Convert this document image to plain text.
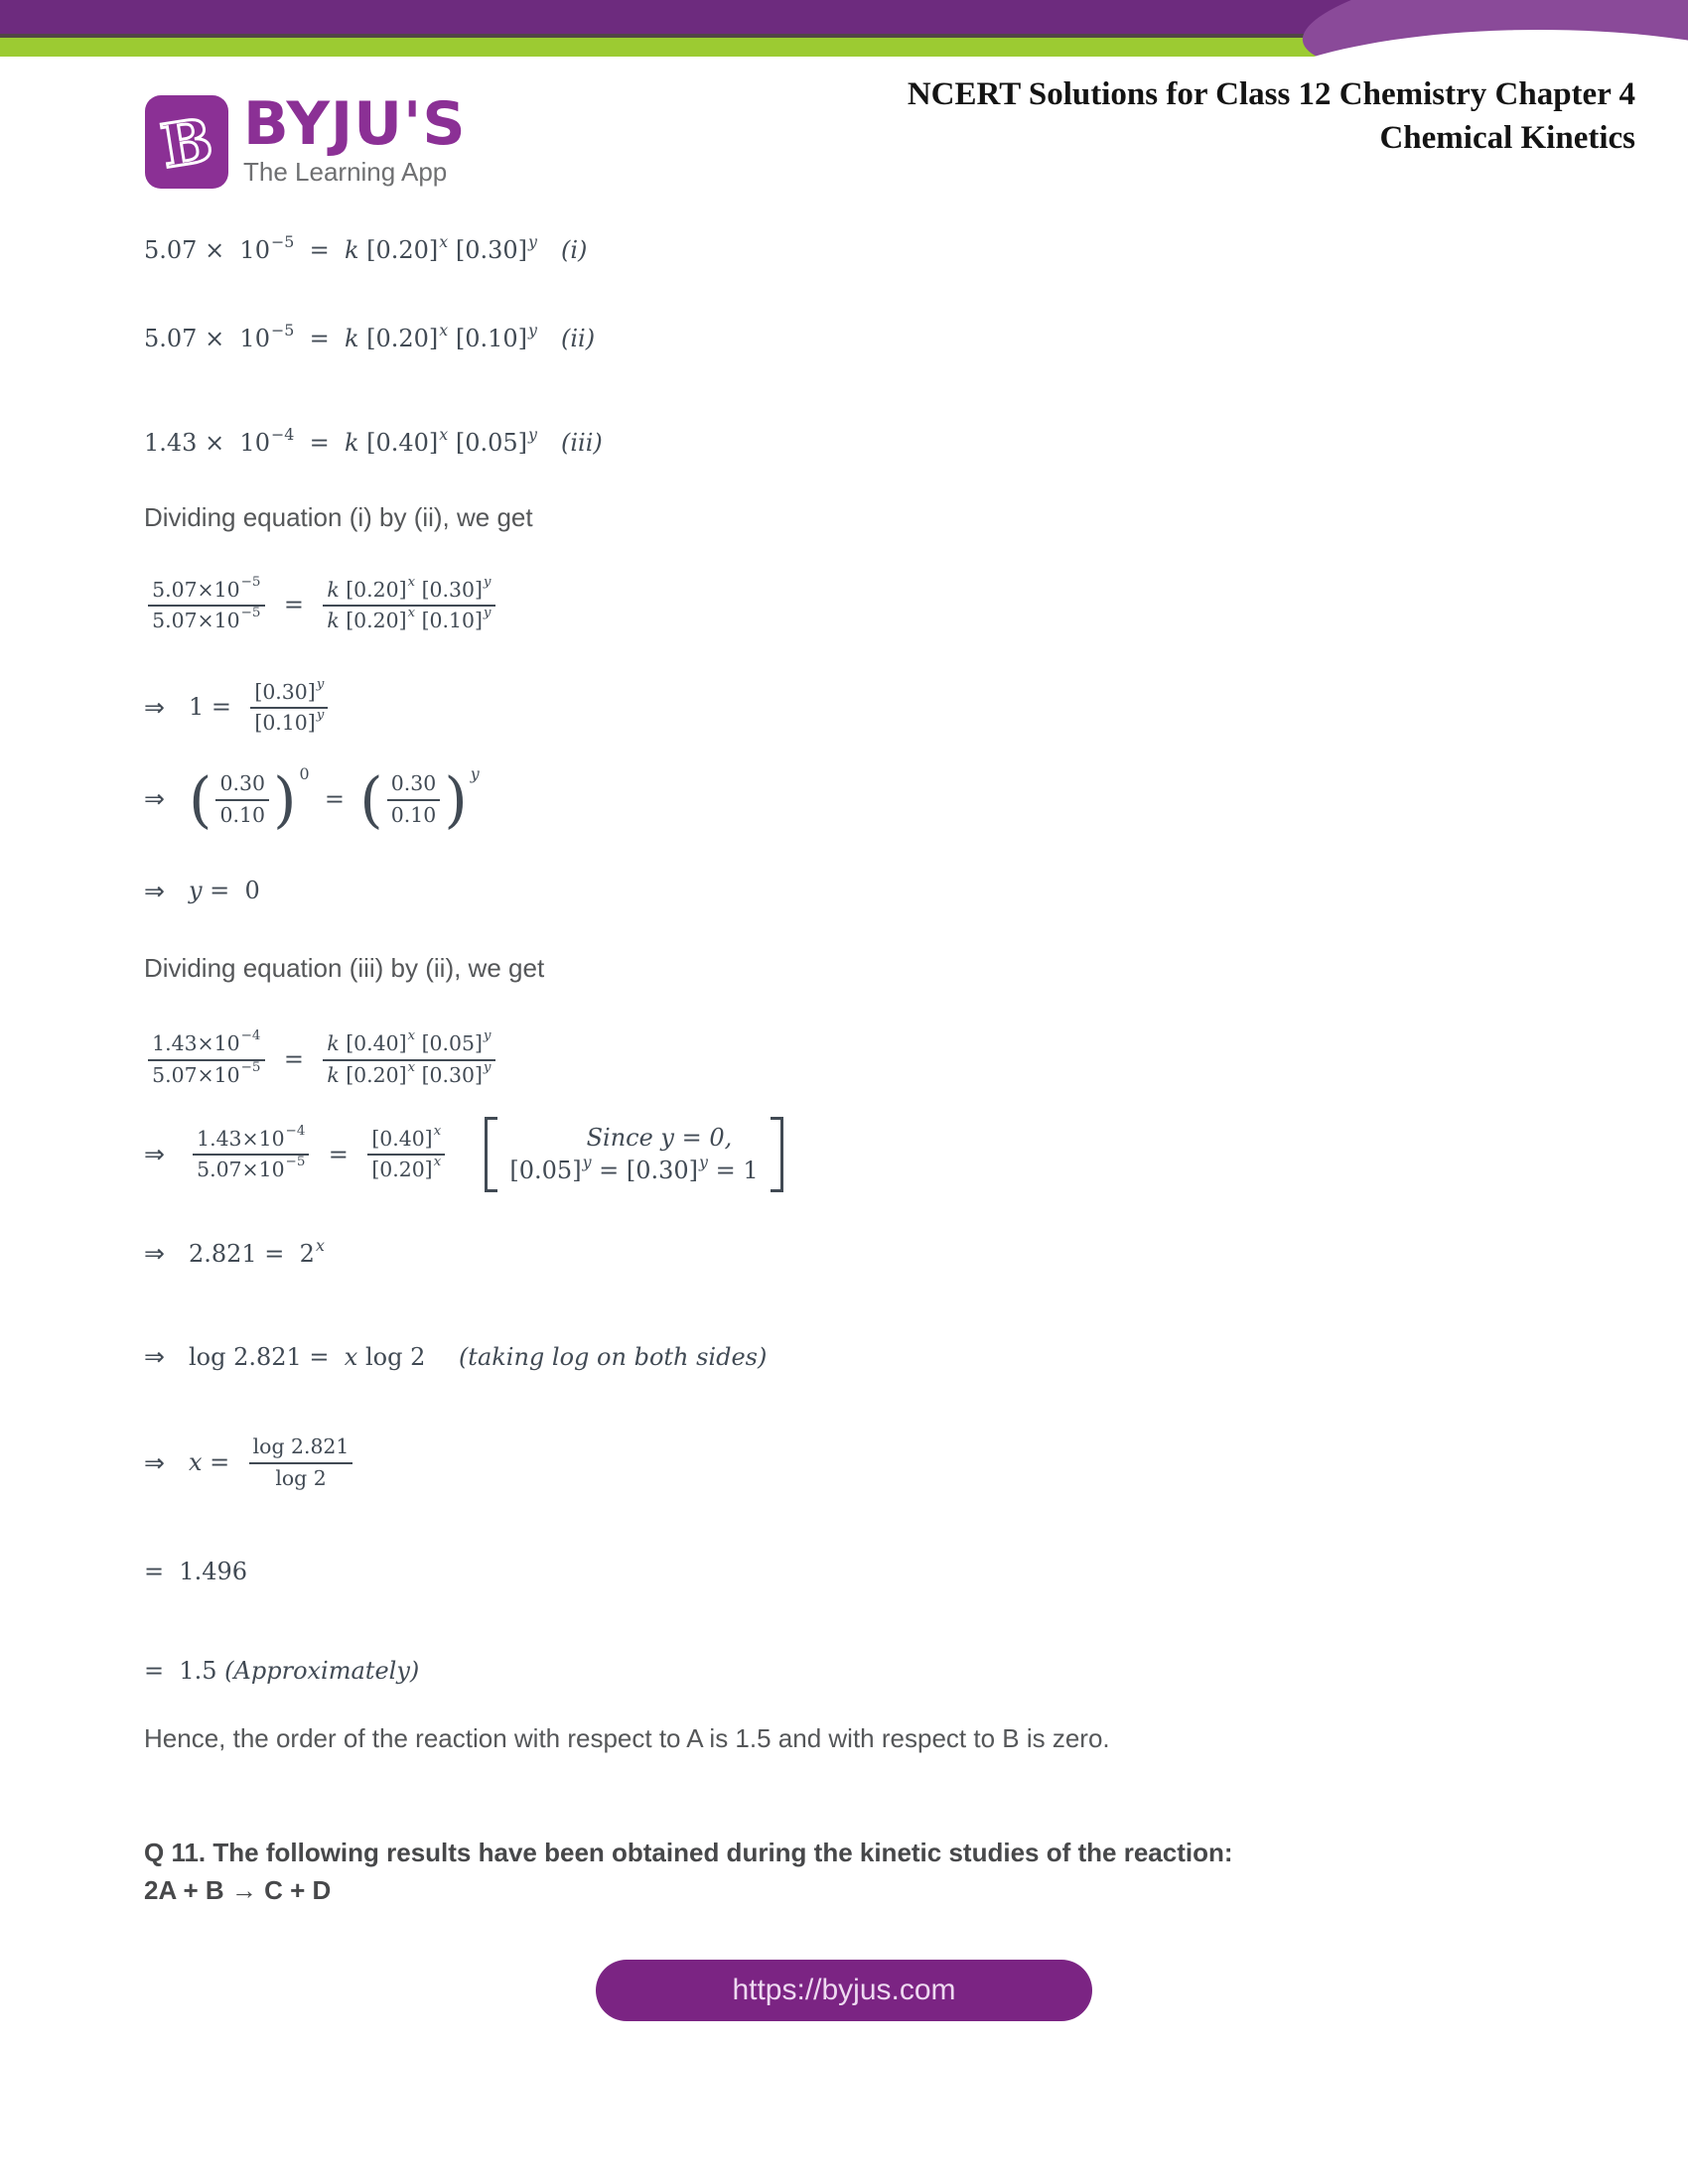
B BYJU'S
The Learning App
NCERT Solutions for Class 12 Chemistry Chapter 4
Chemical Kinetics
5.07 ×  10 −5 = k [0.20] x [0.30] y (i)
5.07 ×  10 −5 = k [0.20] x [0.10] y (ii)
1.43 ×  10 −4 = k [0.40] x [0.05] y (iii)

Dividing equation (i) by (ii), we get

$\frac{5.07\times 10 -5}{5.07\times 10 -5} = \frac{k [0.20] x [0.30] y}{k [0.20] x [0.10] y}$
⇒ $1 = \frac{[0.30] y}{[0.10] y}$
⇒ ( $\frac{0.30}{0.10}$ ) 0
= ( $\frac{0.30}{0.10}$ ) y
⇒ y =  0

Dividing equation (iii) by (ii), we get

$\frac{1.43\times 10 -4}{5.07\times 10 -5} = \frac{k [0.40] x [0.05] y}{k [0.20] x [0.30] y}$
⇒ $\frac{1.43\times 10 -4}{5.07\times 10 -5} = \frac{[0.40] x}{[0.20] x}$	Since y = 0,
[0.05] y = [0.30] y = 1
⇒ 2.821 =  2 x
⇒ log 2.821 = x log 2 (taking log on both sides)
⇒ $x = \frac{\log 2.821}{\log 2}$
=  1.496
=  1.5 (Approximately)

Hence, the order of the reaction with respect to A is 1.5 and with respect to B is zero.

Q 11. The following results have been obtained during the kinetic studies of the reaction:

2A + B → C + D

https://byjus.com
